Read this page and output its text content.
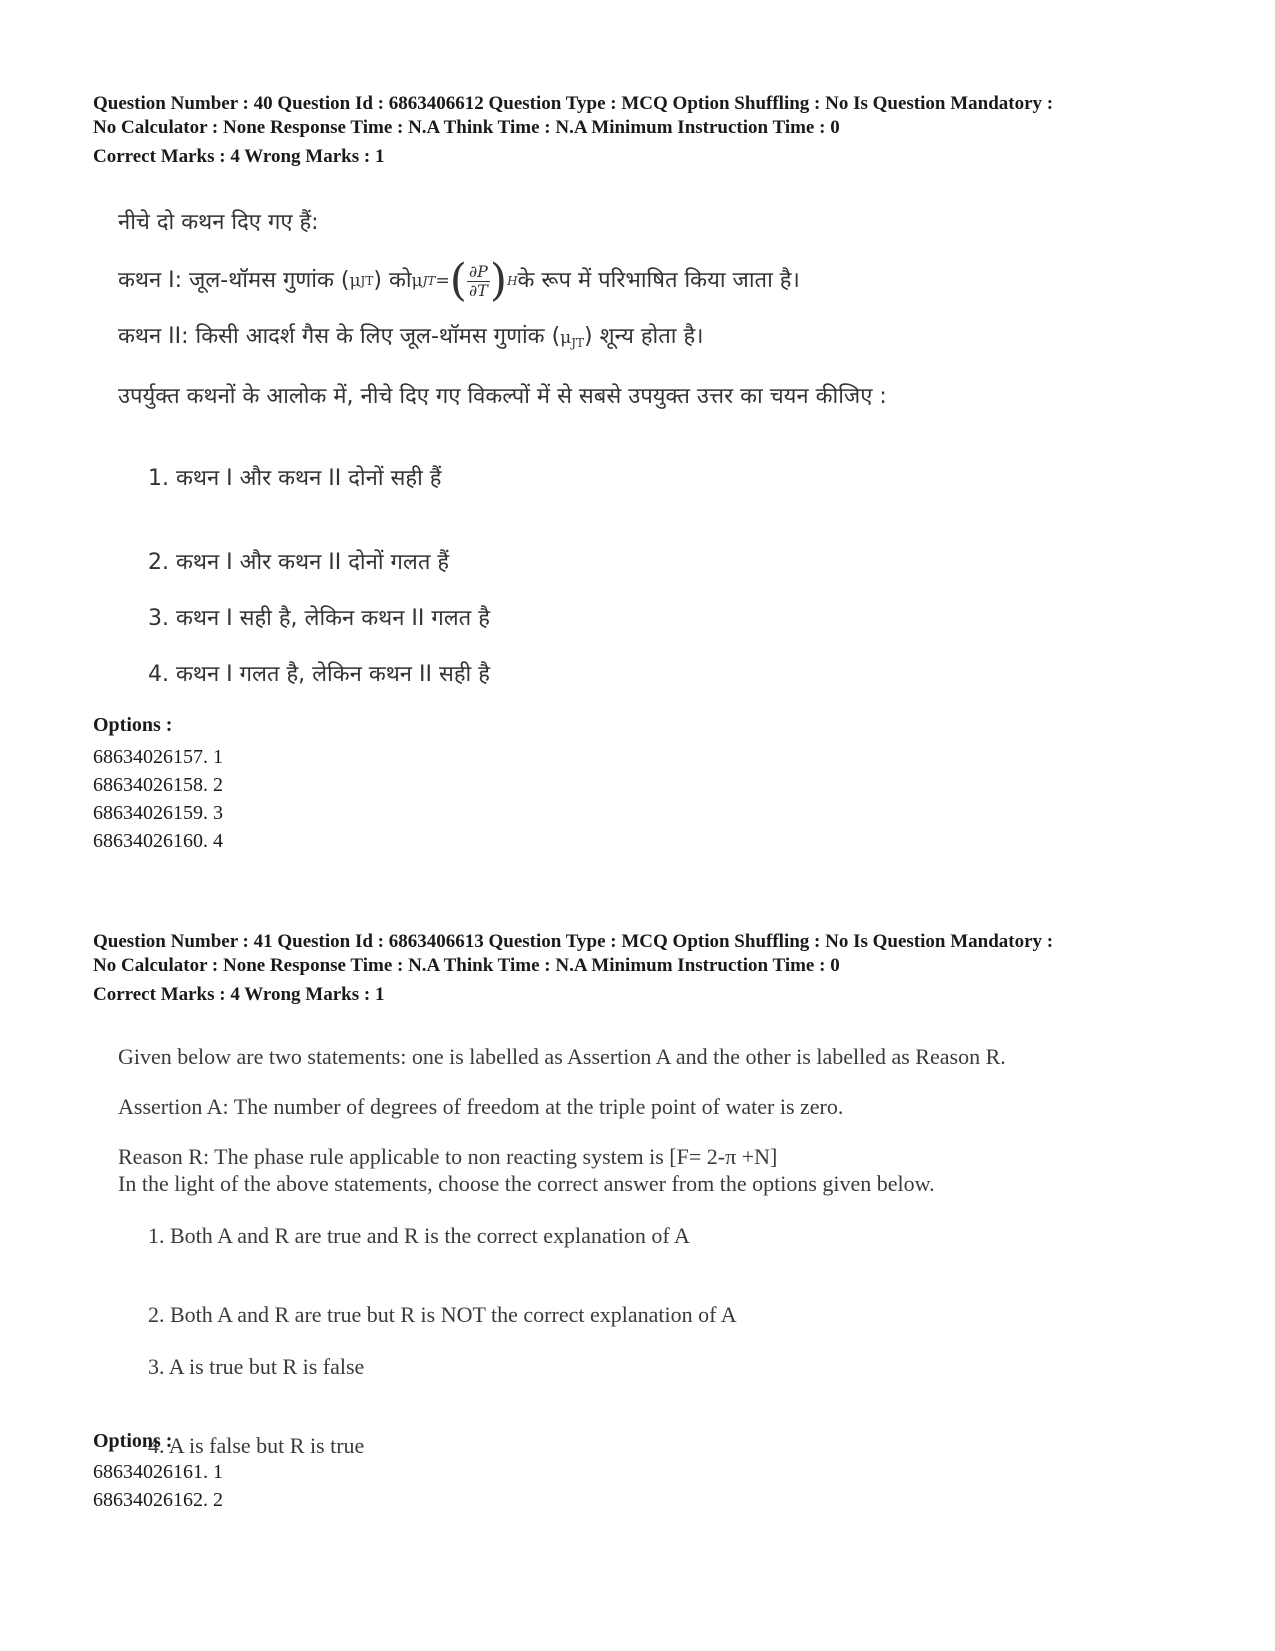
Question Number : 40 Question Id : 6863406612 Question Type : MCQ Option Shuffling : No Is Question Mandatory :

No Calculator : None Response Time : N.A Think Time : N.A Minimum Instruction Time : 0

Correct Marks : 4 Wrong Marks : 1

नीचे दो कथन दिए गए हैं:
कथन I: जूल-थॉमस गुणांक ( μ JT ) को μ JT = ( $\frac{\partial P}{\partial T}$ ) H के रूप में परिभाषित किया जाता है।
कथन II: किसी आदर्श गैस के लिए जूल-थॉमस गुणांक $(\mu_{JT})$ शून्य होता है।
उपर्युक्त कथनों के आलोक में, नीचे दिए गए विकल्पों में से सबसे उपयुक्त उत्तर का चयन कीजिए :
1. कथन I और कथन II दोनों सही हैं
2. कथन I और कथन II दोनों गलत हैं
3. कथन I सही है, लेकिन कथन II गलत है
4. कथन I गलत है, लेकिन कथन II सही है
Options :
68634026157. 1
68634026158. 2
68634026159. 3
68634026160. 4

Question Number : 41 Question Id : 6863406613 Question Type : MCQ Option Shuffling : No Is Question Mandatory :

No Calculator : None Response Time : N.A Think Time : N.A Minimum Instruction Time : 0

Correct Marks : 4 Wrong Marks : 1

Given below are two statements: one is labelled as Assertion A and the other is labelled as Reason R.
Assertion A: The number of degrees of freedom at the triple point of water is zero.
Reason R: The phase rule applicable to non reacting system is [F= 2-π +N]
In the light of the above statements, choose the correct answer from the options given below.
1. Both A and R are true and R is the correct explanation of A
2. Both A and R are true but R is NOT the correct explanation of A
3. A is true but R is false
4. A is false but R is true
Options :
68634026161. 1
68634026162. 2
